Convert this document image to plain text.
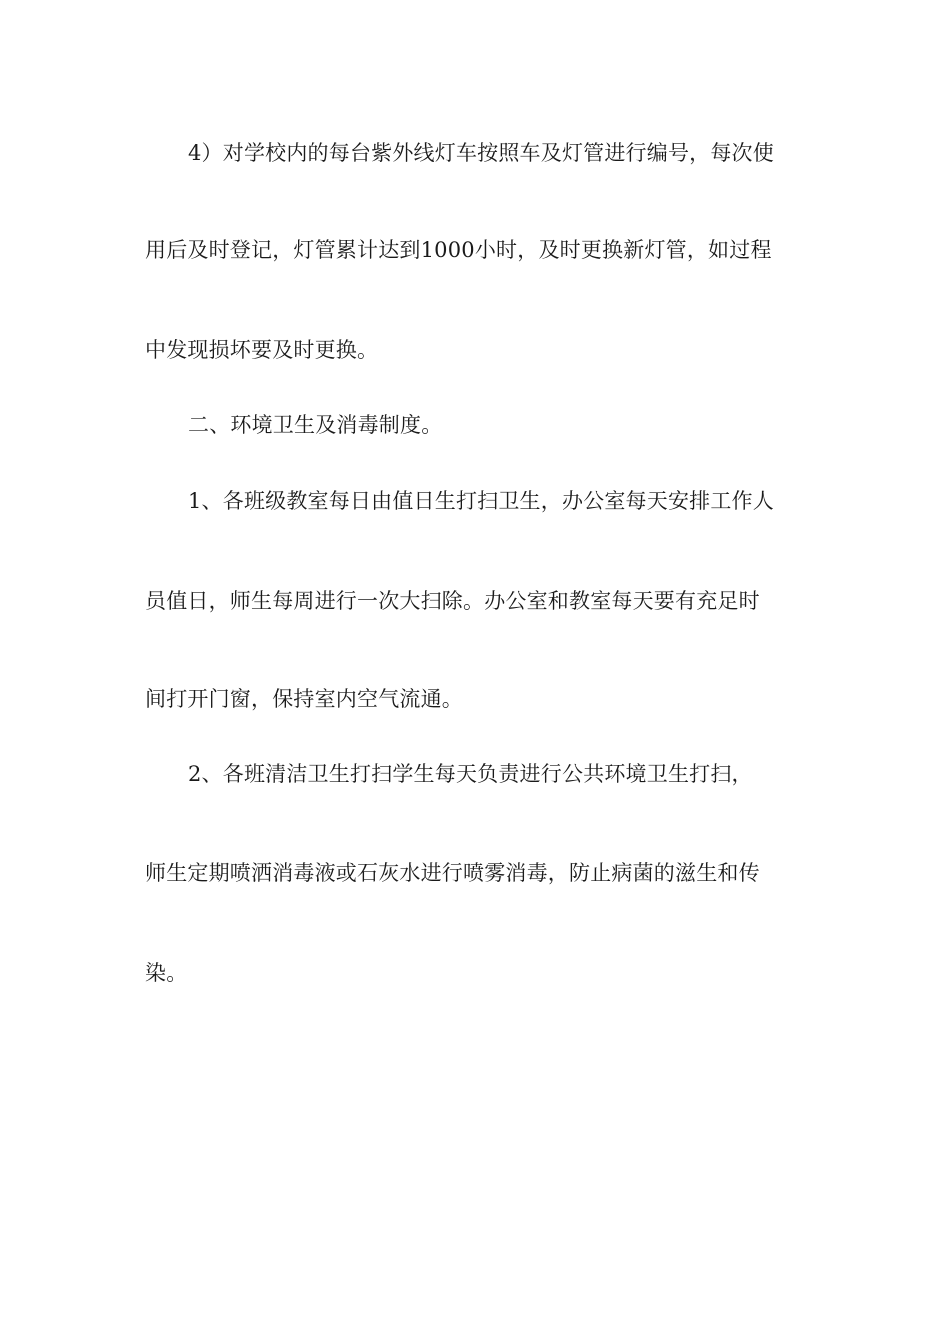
4）对学校内的每台紫外线灯车按照车及灯管进行编号，每次使
用后及时登记，灯管累计达到1000小时，及时更换新灯管，如过程
中发现损坏要及时更换。
二、环境卫生及消毒制度。
1、各班级教室每日由值日生打扫卫生，办公室每天安排工作人
员值日，师生每周进行一次大扫除。办公室和教室每天要有充足时
间打开门窗，保持室内空气流通。
2、各班清洁卫生打扫学生每天负责进行公共环境卫生打扫，
师生定期喷洒消毒液或石灰水进行喷雾消毒，防止病菌的滋生和传
染。
